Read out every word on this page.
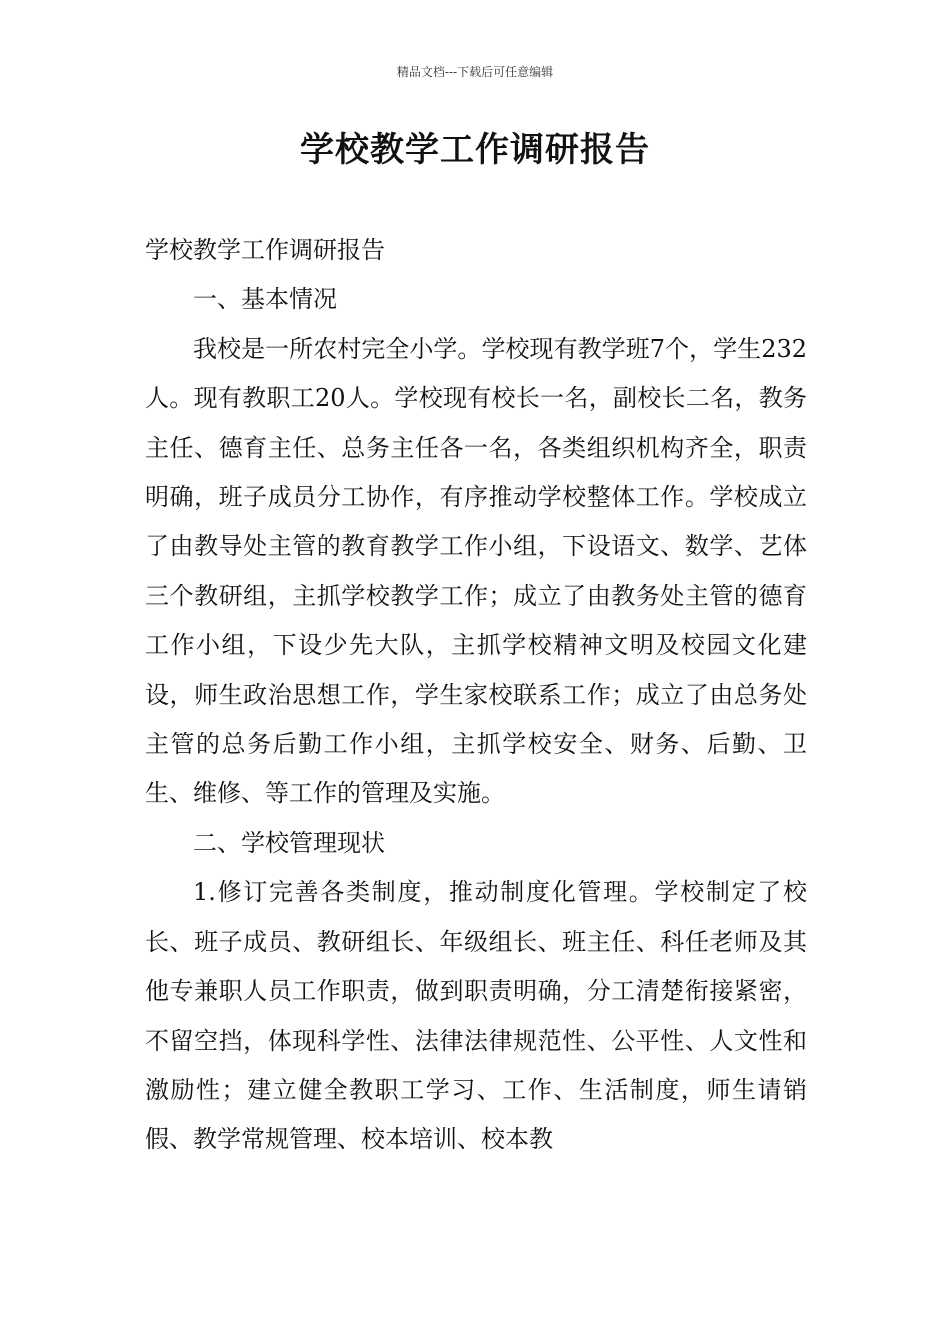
精品文档---下载后可任意编辑
学校教学工作调研报告

学校教学工作调研报告

一、基本情况

我校是一所农村完全小学。学校现有教学班7个，学生232人。现有教职工20人。学校现有校长一名，副校长二名，教务主任、德育主任、总务主任各一名，各类组织机构齐全，职责明确，班子成员分工协作，有序推动学校整体工作。学校成立了由教导处主管的教育教学工作小组，下设语文、数学、艺体三个教研组，主抓学校教学工作；成立了由教务处主管的德育工作小组，下设少先大队，主抓学校精神文明及校园文化建设，师生政治思想工作，学生家校联系工作；成立了由总务处主管的总务后勤工作小组，主抓学校安全、财务、后勤、卫生、维修、等工作的管理及实施。

二、学校管理现状

1.修订完善各类制度，推动制度化管理。学校制定了校长、班子成员、教研组长、年级组长、班主任、科任老师及其他专兼职人员工作职责，做到职责明确，分工清楚衔接紧密，不留空挡，体现科学性、法律法律规范性、公平性、人文性和激励性；建立健全教职工学习、工作、生活制度，师生请销假、教学常规管理、校本培训、校本教
